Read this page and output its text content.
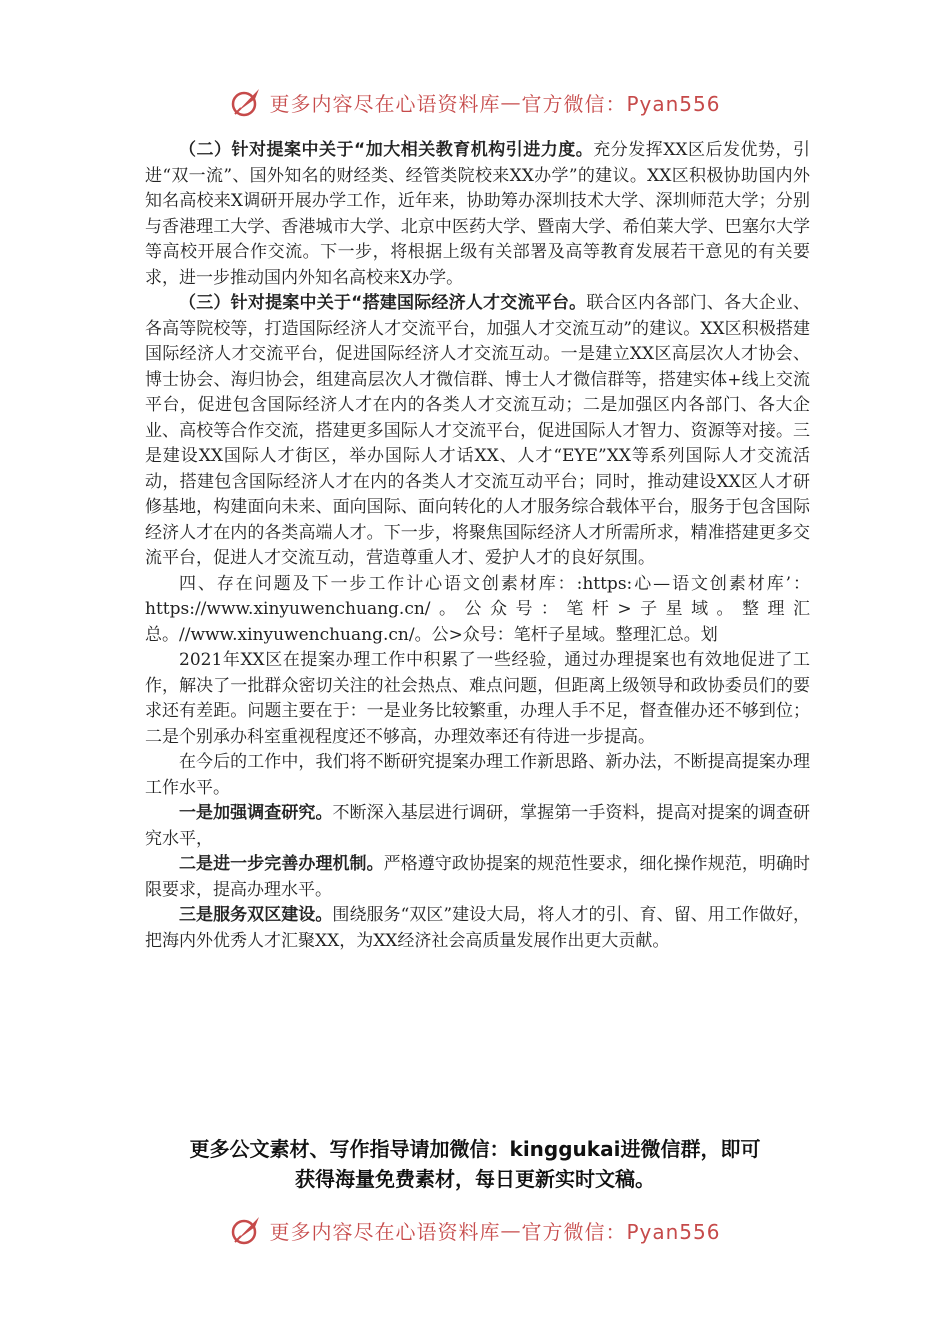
更多内容尽在心语资料库 — 官方微信：Pyan556

（二）针对提案中关于“加大相关教育机构引进力度。充分发挥XX区后发优势，引进“双一流”、国外知名的财经类、经管类院校来XX办学”的建议。XX区积极协助国内外知名高校来X调研开展办学工作，近年来，协助筹办深圳技术大学、深圳师范大学；分别与香港理工大学、香港城市大学、北京中医药大学、暨南大学、希伯莱大学、巴塞尔大学等高校开展合作交流。下一步，将根据上级有关部署及高等教育发展若干意见的有关要求，进一步推动国内外知名高校来X办学。

（三）针对提案中关于“搭建国际经济人才交流平台。联合区内各部门、各大企业、各高等院校等，打造国际经济人才交流平台，加强人才交流互动”的建议。XX区积极搭建国际经济人才交流平台，促进国际经济人才交流互动。一是建立XX区高层次人才协会、博士协会、海归协会，组建高层次人才微信群、博士人才微信群等，搭建实体+线上交流平台，促进包含国际经济人才在内的各类人才交流互动；二是加强区内各部门、各大企业、高校等合作交流，搭建更多国际人才交流平台，促进国际人才智力、资源等对接。三是建设XX国际人才街区，举办国际人才话XX、人才“EYE”XX等系列国际人才交流活动，搭建包含国际经济人才在内的各类人才交流互动平台；同时，推动建设XX区人才研修基地，构建面向未来、面向国际、面向转化的人才服务综合载体平台，服务于包含国际经济人才在内的各类高端人才。下一步，将聚焦国际经济人才所需所求，精准搭建更多交流平台，促进人才交流互动，营造尊重人才、爱护人才的良好氛围。

四、存在问题及下一步工作计心语文创素材库：:https:心—语文创素材库’：https://www.xinyuwenchuang.cn/。公众号：笔杆>子星域。整理汇总。//www.xinyuwenchuang.cn/。公>众号：笔杆子星域。整理汇总。划

2021年XX区在提案办理工作中积累了一些经验，通过办理提案也有效地促进了工作，解决了一批群众密切关注的社会热点、难点问题，但距离上级领导和政协委员们的要求还有差距。问题主要在于：一是业务比较繁重，办理人手不足，督查催办还不够到位；二是个别承办科室重视程度还不够高，办理效率还有待进一步提高。

在今后的工作中，我们将不断研究提案办理工作新思路、新办法，不断提高提案办理工作水平。

一是加强调查研究。不断深入基层进行调研，掌握第一手资料，提高对提案的调查研究水平，

二是进一步完善办理机制。严格遵守政协提案的规范性要求，细化操作规范，明确时限要求，提高办理水平。

三是服务双区建设。围绕服务“双区”建设大局，将人才的引、育、留、用工作做好，把海内外优秀人才汇聚XX，为XX经济社会高质量发展作出更大贡献。

更多公文素材、写作指导请加微信：kinggukai进微信群，即可
获得海量免费素材，每日更新实时文稿。
更多内容尽在心语资料库 — 官方微信：Pyan556
